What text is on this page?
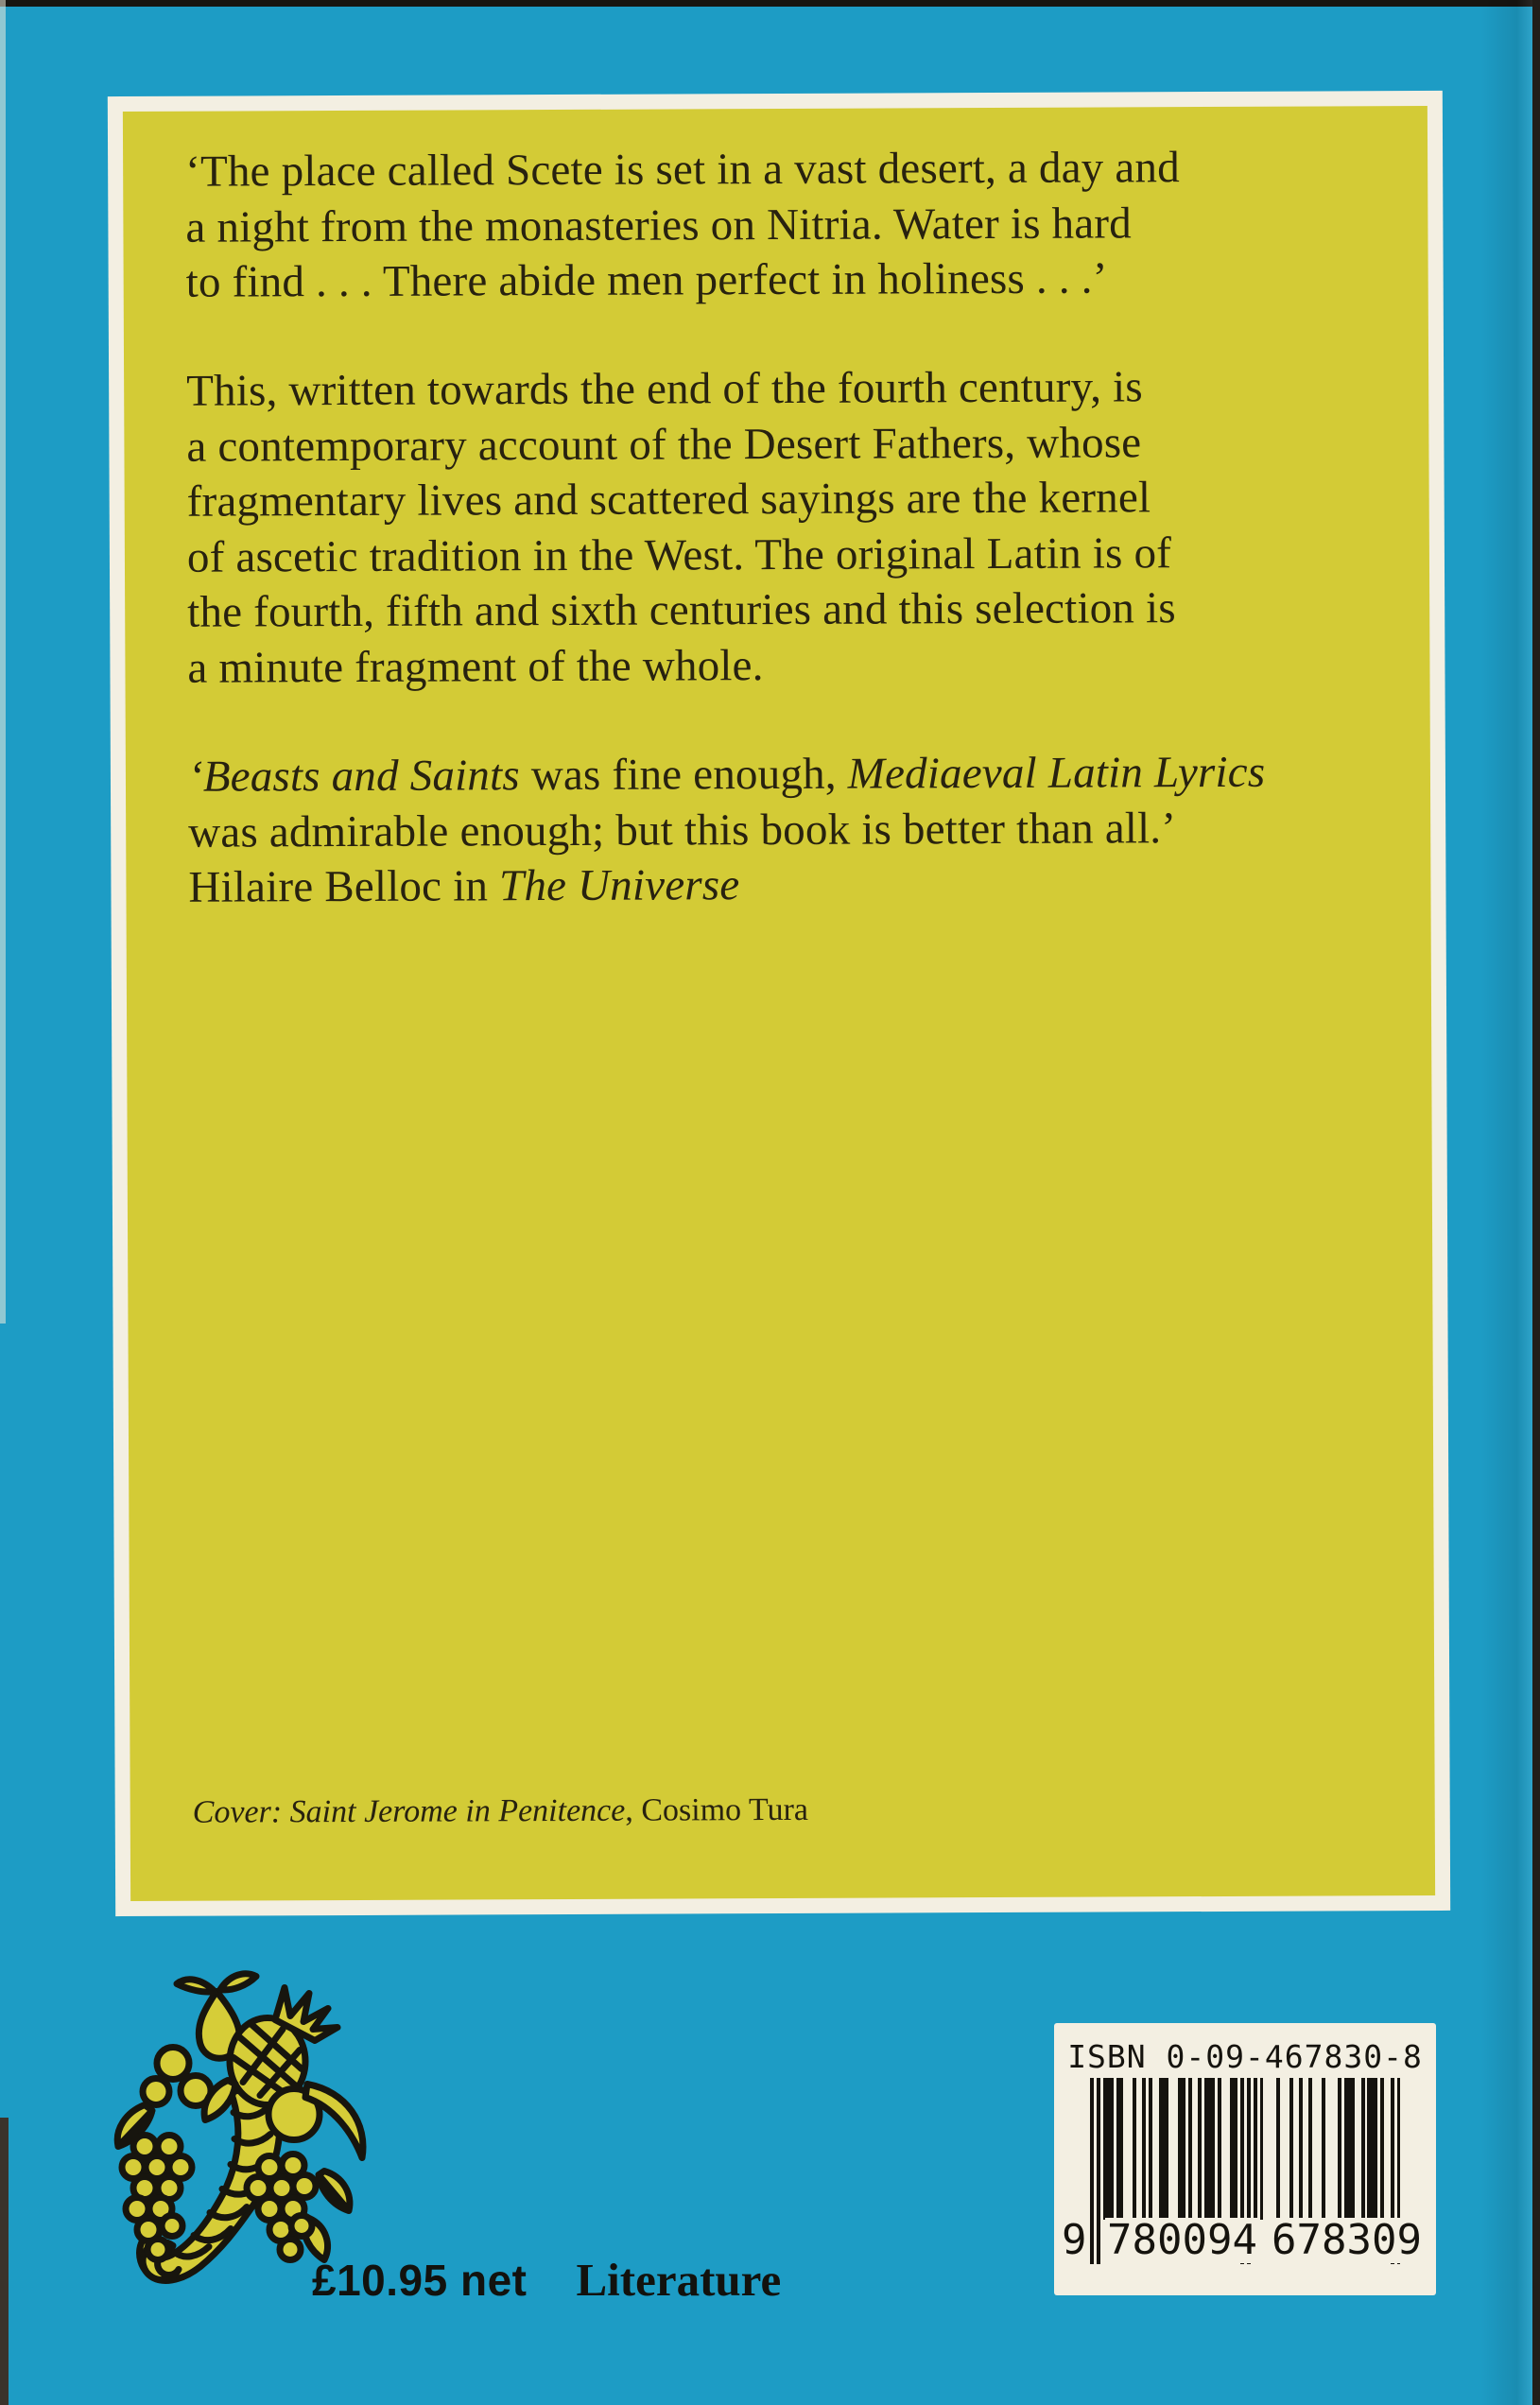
‘The place called Scete is set in a vast desert, a day and
a night from the monasteries on Nitria. Water is hard
to find . . . There abide men perfect in holiness . . .’
This, written towards the end of the fourth century, is
a contemporary account of the Desert Fathers, whose
fragmentary lives and scattered sayings are the kernel
of ascetic tradition in the West. The original Latin is of
the fourth, fifth and sixth centuries and this selection is
a minute fragment of the whole.
‘Beasts and Saints was fine enough, Mediaeval Latin Lyrics
was admirable enough; but this book is better than all.’
Hilaire Belloc in The Universe
Cover: Saint Jerome in Penitence, Cosimo Tura
£10.95 net Literature
ISBN 0-09-467830-8
9 780094 678309
